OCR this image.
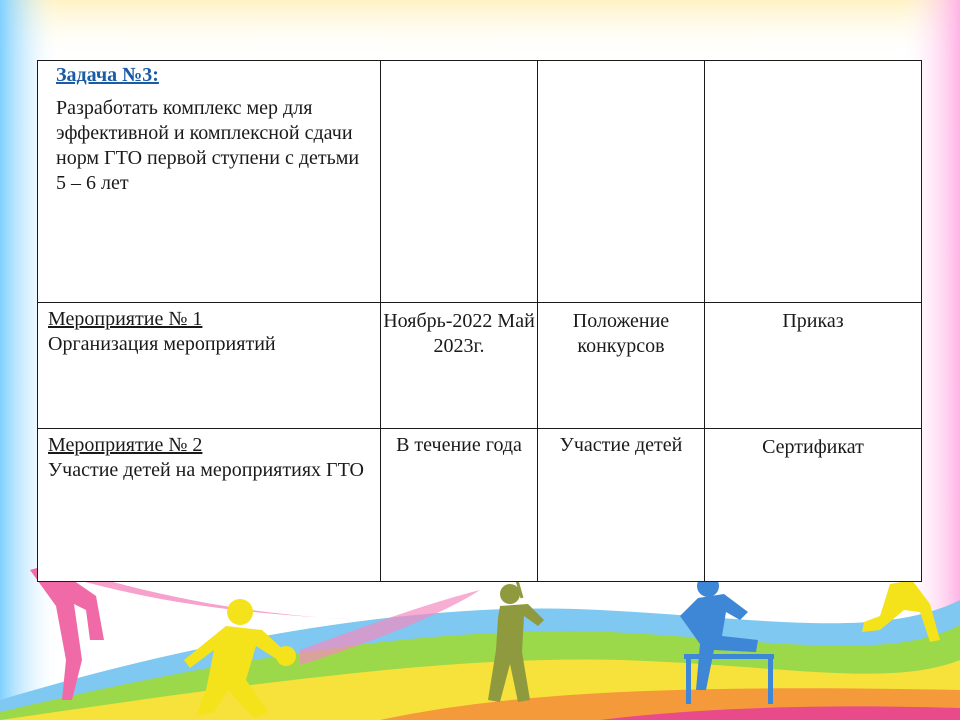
Задача №3:
Разработать комплекс мер для эффективной и комплексной сдачи норм ГТО первой ступени с детьми 5 – 6 лет			

Мероприятие № 1
Организация мероприятий	Ноябрь-2022 Май 2023г.	Положение конкурсов	Приказ

Мероприятие № 2
Участие детей на мероприятиях ГТО	В течение года	Участие детей	Сертификат
